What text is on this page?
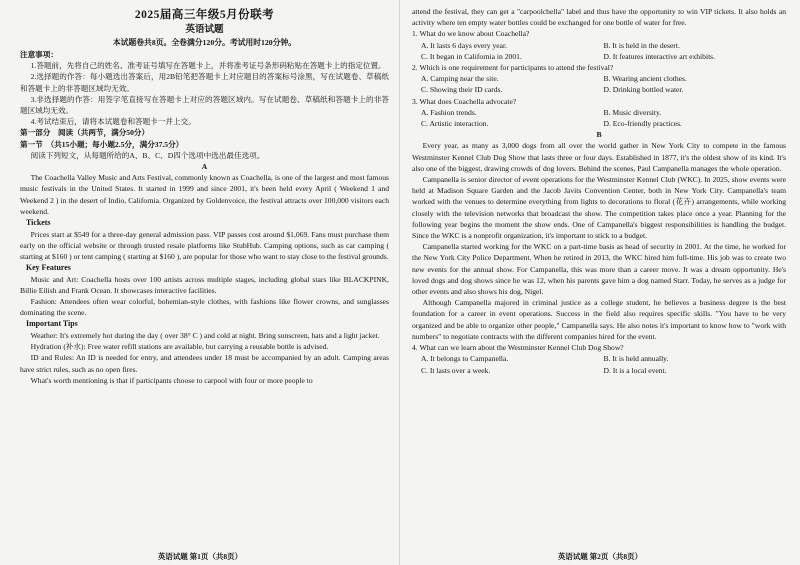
2025届高三年级5月份联考
英语试题
本试题卷共8页。全卷满分120分。考试用时120分钟。
注意事项：
1.答题前，先将自己的姓名、准考证号填写在答题卡上，并将准考证号条形码粘贴在答题卡上的指定位置。
2.选择题的作答：每小题选出答案后，用2B铅笔把答题卡上对应题目的答案标号涂黑，写在试题卷、草稿纸和答题卡上的非答题区域均无效。
3.非选择题的作答：用签字笔直接写在答题卡上对应的答题区域内。写在试题卷、草稿纸和答题卡上的非答题区域均无效。
4.考试结束后，请将本试题卷和答题卡一并上交。
第一部分　阅读（共两节，满分50分）
第一节　（共15小题；每小题2.5分，满分37.5分）
阅读下列短文，从每题所给的A、B、C、D四个选项中选出最佳选项。
A
The Coachella Valley Music and Arts Festival, commonly known as Coachella, is one of the largest and most famous music festivals in the United States. It started in 1999 and since 2001, it's been held every April ( Weekend 1 and Weekend 2 ) in the desert of Indio, California. Organized by Goldenvoice, the festival attracts over 100,000 visitors each weekend.
Tickets
Prices start at $549 for a three-day general admission pass. VIP passes cost around $1,069. Fans must purchase them early on the official website or through trusted resale platforms like StubHub. Camping options, such as car camping ( starting at $160 ) or tent camping ( starting at $160 ), are popular for those who want to stay close to the festival grounds.
Key Features
Music and Art: Coachella hosts over 100 artists across multiple stages, including global stars like BLACKPINK, Billie Eilish and Frank Ocean. It showcases interactive facilities.
Fashion: Attendees often wear colorful, bohemian-style clothes, with fashions like flower crowns, and sunglasses dominating the scene.
Important Tips
Weather: It's extremely hot during the day ( over 38° C ) and cold at night. Bring sunscreen, hats and a light jacket.
Hydration (补水): Free water refill stations are available, but carrying a reusable bottle is advised.
ID and Rules: An ID is needed for entry, and attendees under 18 must be accompanied by an adult. Camping areas have strict rules, such as no open fires.
What's worth mentioning is that if participants choose to carpool with four or more people to
英语试题 第1页（共8页）
attend the festival, they can get a "carpoolchella" label and thus have the opportunity to win VIP tickets. It also holds an activity where ten empty water bottles could be exchanged for one bottle of water for free.
1. What do we know about Coachella?
A. It lasts 6 days every year.	B. It is held in the desert.
C. It began in California in 2001.	D. It features interactive art exhibits.
2. Which is one requirement for participants to attend the festival?
A. Camping near the site.	B. Wearing ancient clothes.
C. Showing their ID cards.	D. Drinking bottled water.
3. What does Coachella advocate?
A. Fashion trends.	B. Music diversity.
C. Artistic interaction.	D. Eco-friendly practices.
B
Every year, as many as 3,000 dogs from all over the world gather in New York City to compete in the famous Westminster Kennel Club Dog Show that lasts three or four days. Established in 1877, it's the oldest show of its kind. It's also one of the biggest, drawing crowds of dog lovers. Behind the scenes, Paul Campanella manages the whole operation.
Campanella is senior director of event operations for the Westminster Kennel Club (WKC). In 2025, show events were held at Madison Square Garden and the Jacob Javits Convention Center, both in New York City. Campanella's team worked with the venues to determine everything from lights to decorations to floral (花卉) arrangements, while working closely with the television networks that broadcast the show. The competition takes place once a year. Planning for the following year begins the moment the show ends. One of Campanella's biggest responsibilities is handling the budget. Since the WKC is a nonprofit organization, it's important to stick to a budget.
Campanella started working for the WKC on a part-time basis as head of security in 2001. At the time, he worked for the New York City Police Department. When he retired in 2013, the WKC hired him full-time. His job was to create two new events for the annual show. For Campanella, this was more than a career move. It was a dream opportunity. He's loved dogs and dog shows since he was 12, when his parents gave him a dog named Starr. Today, he serves as a judge for other events and also shows his dog, Nigel.
Although Campanella majored in criminal justice as a college student, he believes a business degree is the best foundation for a career in event operations. Success in the field also requires specific skills. "You have to be very organized and be able to organize other people," Campanella says. He also notes it's important to know how to "work with numbers" to negotiate contracts with the different companies hired for the event.
4. What can we learn about the Westminster Kennel Club Dog Show?
A. It belongs to Campanella.	B. It is held annually.
C. It lasts over a week.	D. It is a local event.
英语试题 第2页（共8页）
